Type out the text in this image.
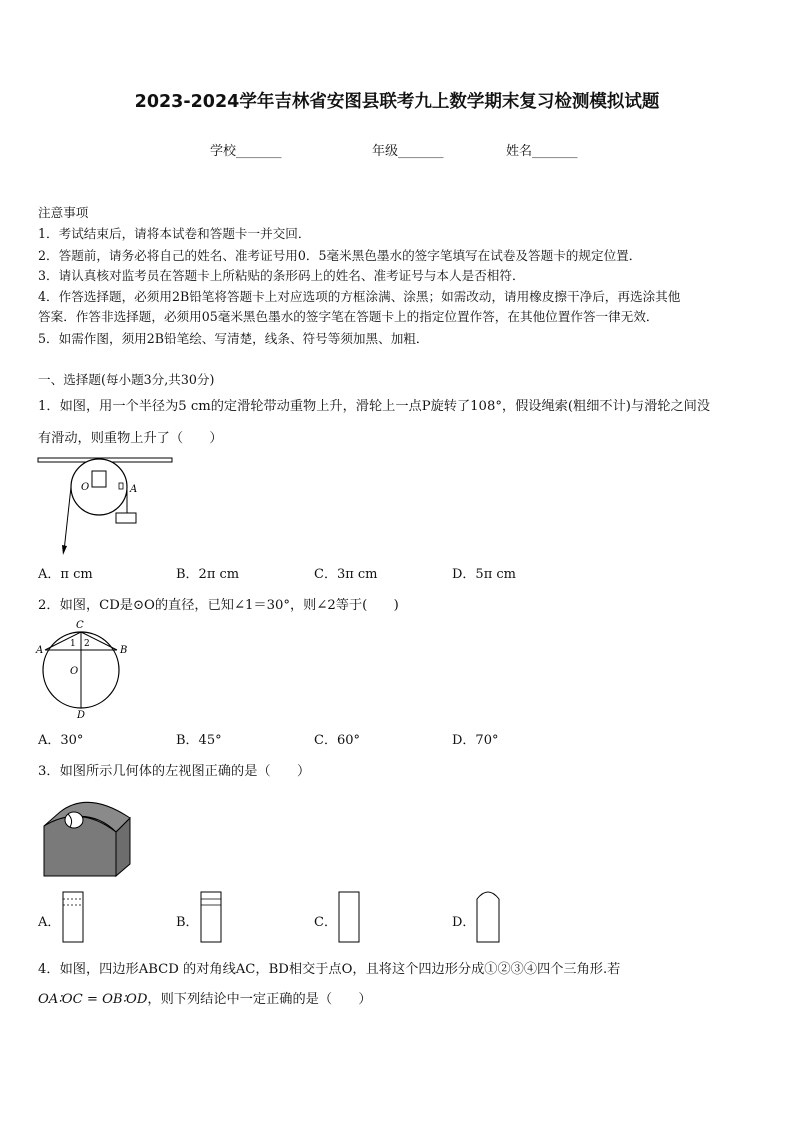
2023-2024学年吉林省安图县联考九上数学期末复习检测模拟试题
学校_______	年级_______	姓名_______
注意事项
1．考试结束后，请将本试卷和答题卡一并交回．
2．答题前，请务必将自己的姓名、准考证号用0．5毫米黑色墨水的签字笔填写在试卷及答题卡的规定位置．
3．请认真核对监考员在答题卡上所粘贴的条形码上的姓名、准考证号与本人是否相符．
4．作答选择题，必须用2B铅笔将答题卡上对应选项的方框涂满、涂黑；如需改动，请用橡皮擦干净后，再选涂其他
答案．作答非选择题，必须用05毫米黑色墨水的签字笔在答题卡上的指定位置作答，在其他位置作答一律无效．
5．如需作图，须用2B铅笔绘、写清楚，线条、符号等须加黑、加粗．
一、选择题(每小题3分,共30分)
1．如图，用一个半径为5 cm的定滑轮带动重物上升，滑轮上一点P旋转了108°，假设绳索(粗细不计)与滑轮之间没
有滑动，则重物上升了（　　）
O	A
A．π cm	B．2π cm	C．3π cm	D．5π cm
2．如图，CD是⊙O的直径，已知∠1＝30°，则∠2等于(　　)
C
A	B
O
D
1 2
A．30°	B．45°	C．60°	D．70°
3．如图所示几何体的左视图正确的是（　　）
A．	B．	C．	D．
4．如图，四边形ABCD 的对角线AC，BD相交于点O，且将这个四边形分成①②③④四个三角形.若
OA∶OC = OB∶OD，则下列结论中一定正确的是（　　）
